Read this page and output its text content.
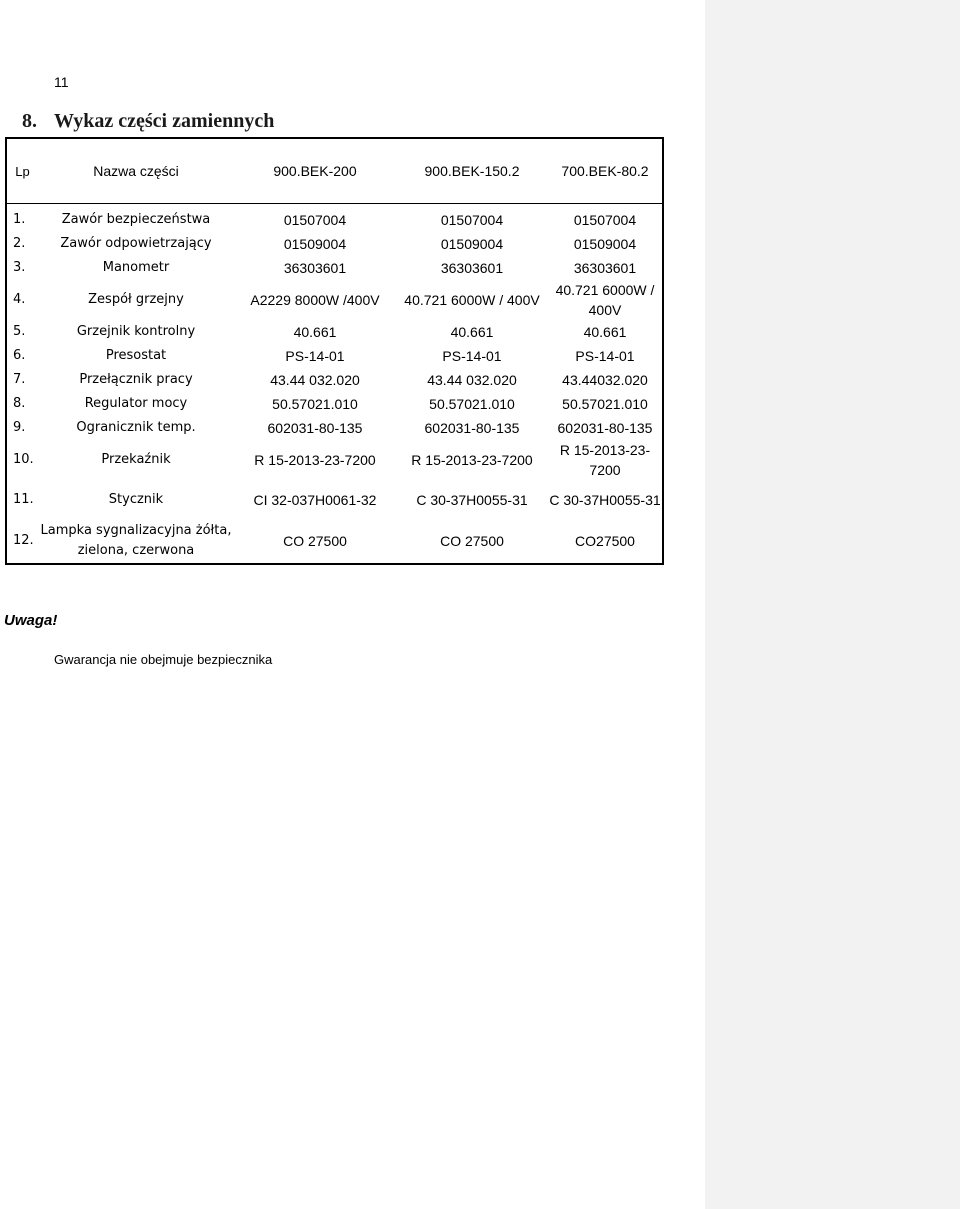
11
8. Wykaz części zamiennych
Lp	Nazwa części	900.BEK-200	900.BEK-150.2	700.BEK-80.2
1.	Zawór bezpieczeństwa	01507004	01507004	01507004
2.	Zawór odpowietrzający	01509004	01509004	01509004
3.	Manometr	36303601	36303601	36303601
4.	Zespół grzejny	A2229 8000W /400V	40.721 6000W / 400V	40.721 6000W / 400V
5.	Grzejnik kontrolny	40.661	40.661	40.661
6.	Presostat	PS-14-01	PS-14-01	PS-14-01
7.	Przełącznik pracy	43.44 032.020	43.44 032.020	43.44032.020
8.	Regulator mocy	50.57021.010	50.57021.010	50.57021.010
9.	Ogranicznik temp.	602031-80-135	602031-80-135	602031-80-135
10.	Przekaźnik	R 15-2013-23-7200	R 15-2013-23-7200	R 15-2013-23-7200
11.	Stycznik	CI 32-037H0061-32	C 30-37H0055-31	C 30-37H0055-31
12.	Lampka sygnalizacyjna żółta, zielona, czerwona	CO 27500	CO 27500	CO27500
Uwaga!
Gwarancja nie obejmuje bezpiecznika
